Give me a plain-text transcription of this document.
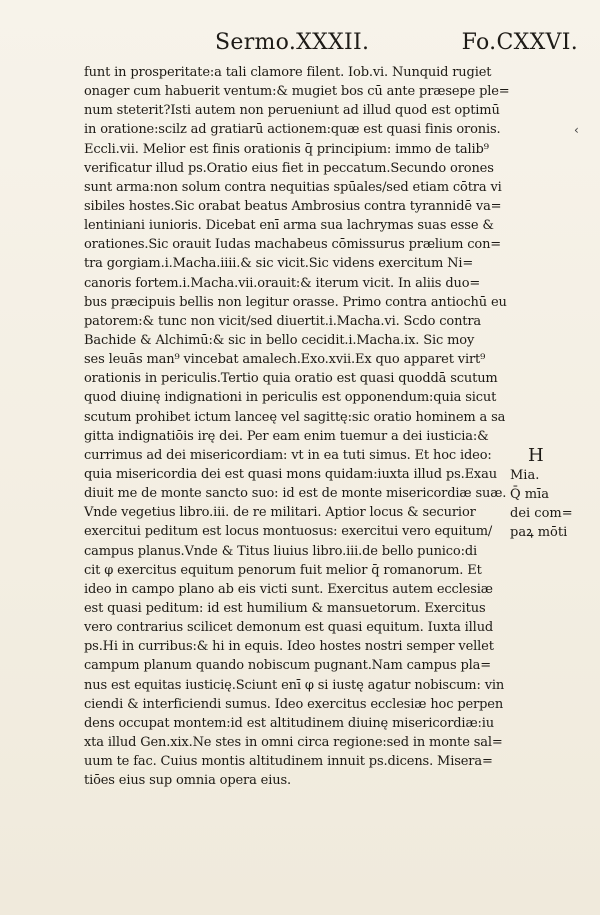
Sermo.XXXII.	Fo.CXXVI.
funt in prosperitate:a tali clamore filent. Iob.vi. Nunquid rugiet
onager cum habuerit ventum:& mugiet bos cū ante præsepe ple=
num steterit?Isti autem non perueniunt ad illud quod est optimū
in oratione:scilz ad gratiarū actionem:quæ est quasi finis oronis.
Eccli.vii. Melior est finis orationis q̄ principium: immo de talib⁹
verificatur illud ps.Oratio eius fiet in peccatum.Secundo orones
sunt arma:non solum contra nequitias spūales/sed etiam cōtra vi
sibiles hostes.Sic orabat beatus Ambrosius contra tyrannidē va=
lentiniani iunioris. Dicebat enī arma sua lachrymas suas esse &
orationes.Sic orauit Iudas machabeus cōmissurus prælium con=
tra gorgiam.i.Macha.iiii.& sic vicit.Sic videns exercitum Ni=
canoris fortem.i.Macha.vii.orauit:& iterum vicit. In aliis duo=
bus præcipuis bellis non legitur orasse. Primo contra antiochū eu
patorem:& tunc non vicit/sed diuertit.i.Macha.vi. Scdo contra
Bachide & Alchimū:& sic in bello cecidit.i.Macha.ix. Sic moy
ses leuās man⁹ vincebat amalech.Exo.xvii.Ex quo apparet virt⁹
orationis in periculis.Tertio quia oratio est quasi quoddā scutum
quod diuinę indignationi in periculis est opponendum:quia sicut
scutum prohibet ictum lanceę vel sagittę:sic oratio hominem a sa
gitta indignatiōis irę dei. Per eam enim tuemur a dei iusticia:&
currimus ad dei misericordiam: vt in ea tuti simus. Et hoc ideo:
quia misericordia dei est quasi mons quidam:iuxta illud ps.Exau
diuit me de monte sancto suo: id est de monte misericordiæ suæ.
Vnde vegetius libro.iii. de re militari. Aptior locus & securior
exercitui peditum est locus montuosus: exercitui vero equitum/
campus planus.Vnde & Titus liuius libro.iii.de bello punico:di
cit φ exercitus equitum penorum fuit melior q̄ romanorum. Et
ideo in campo plano ab eis victi sunt. Exercitus autem ecclesiæ
est quasi peditum: id est humilium & mansuetorum. Exercitus
vero contrarius scilicet demonum est quasi equitum. Iuxta illud
ps.Hi in curribus:& hi in equis. Ideo hostes nostri semper vellet
campum planum quando nobiscum pugnant.Nam campus pla=
nus est equitas iusticię.Sciunt enī φ si iustę agatur nobiscum: vin
ciendi & interficiendi sumus. Ideo exercitus ecclesiæ hoc perpen
dens occupat montem:id est altitudinem diuinę misericordiæ:iu
xta illud Gen.xix.Ne stes in omni circa regione:sed in monte sal=
uum te fac. Cuius montis altitudinem innuit ps.dicens. Misera=
tiōes eius sup omnia opera eius.
‹
H
Mia.
Q̄ mīa
dei com=
paꝝ mōti
